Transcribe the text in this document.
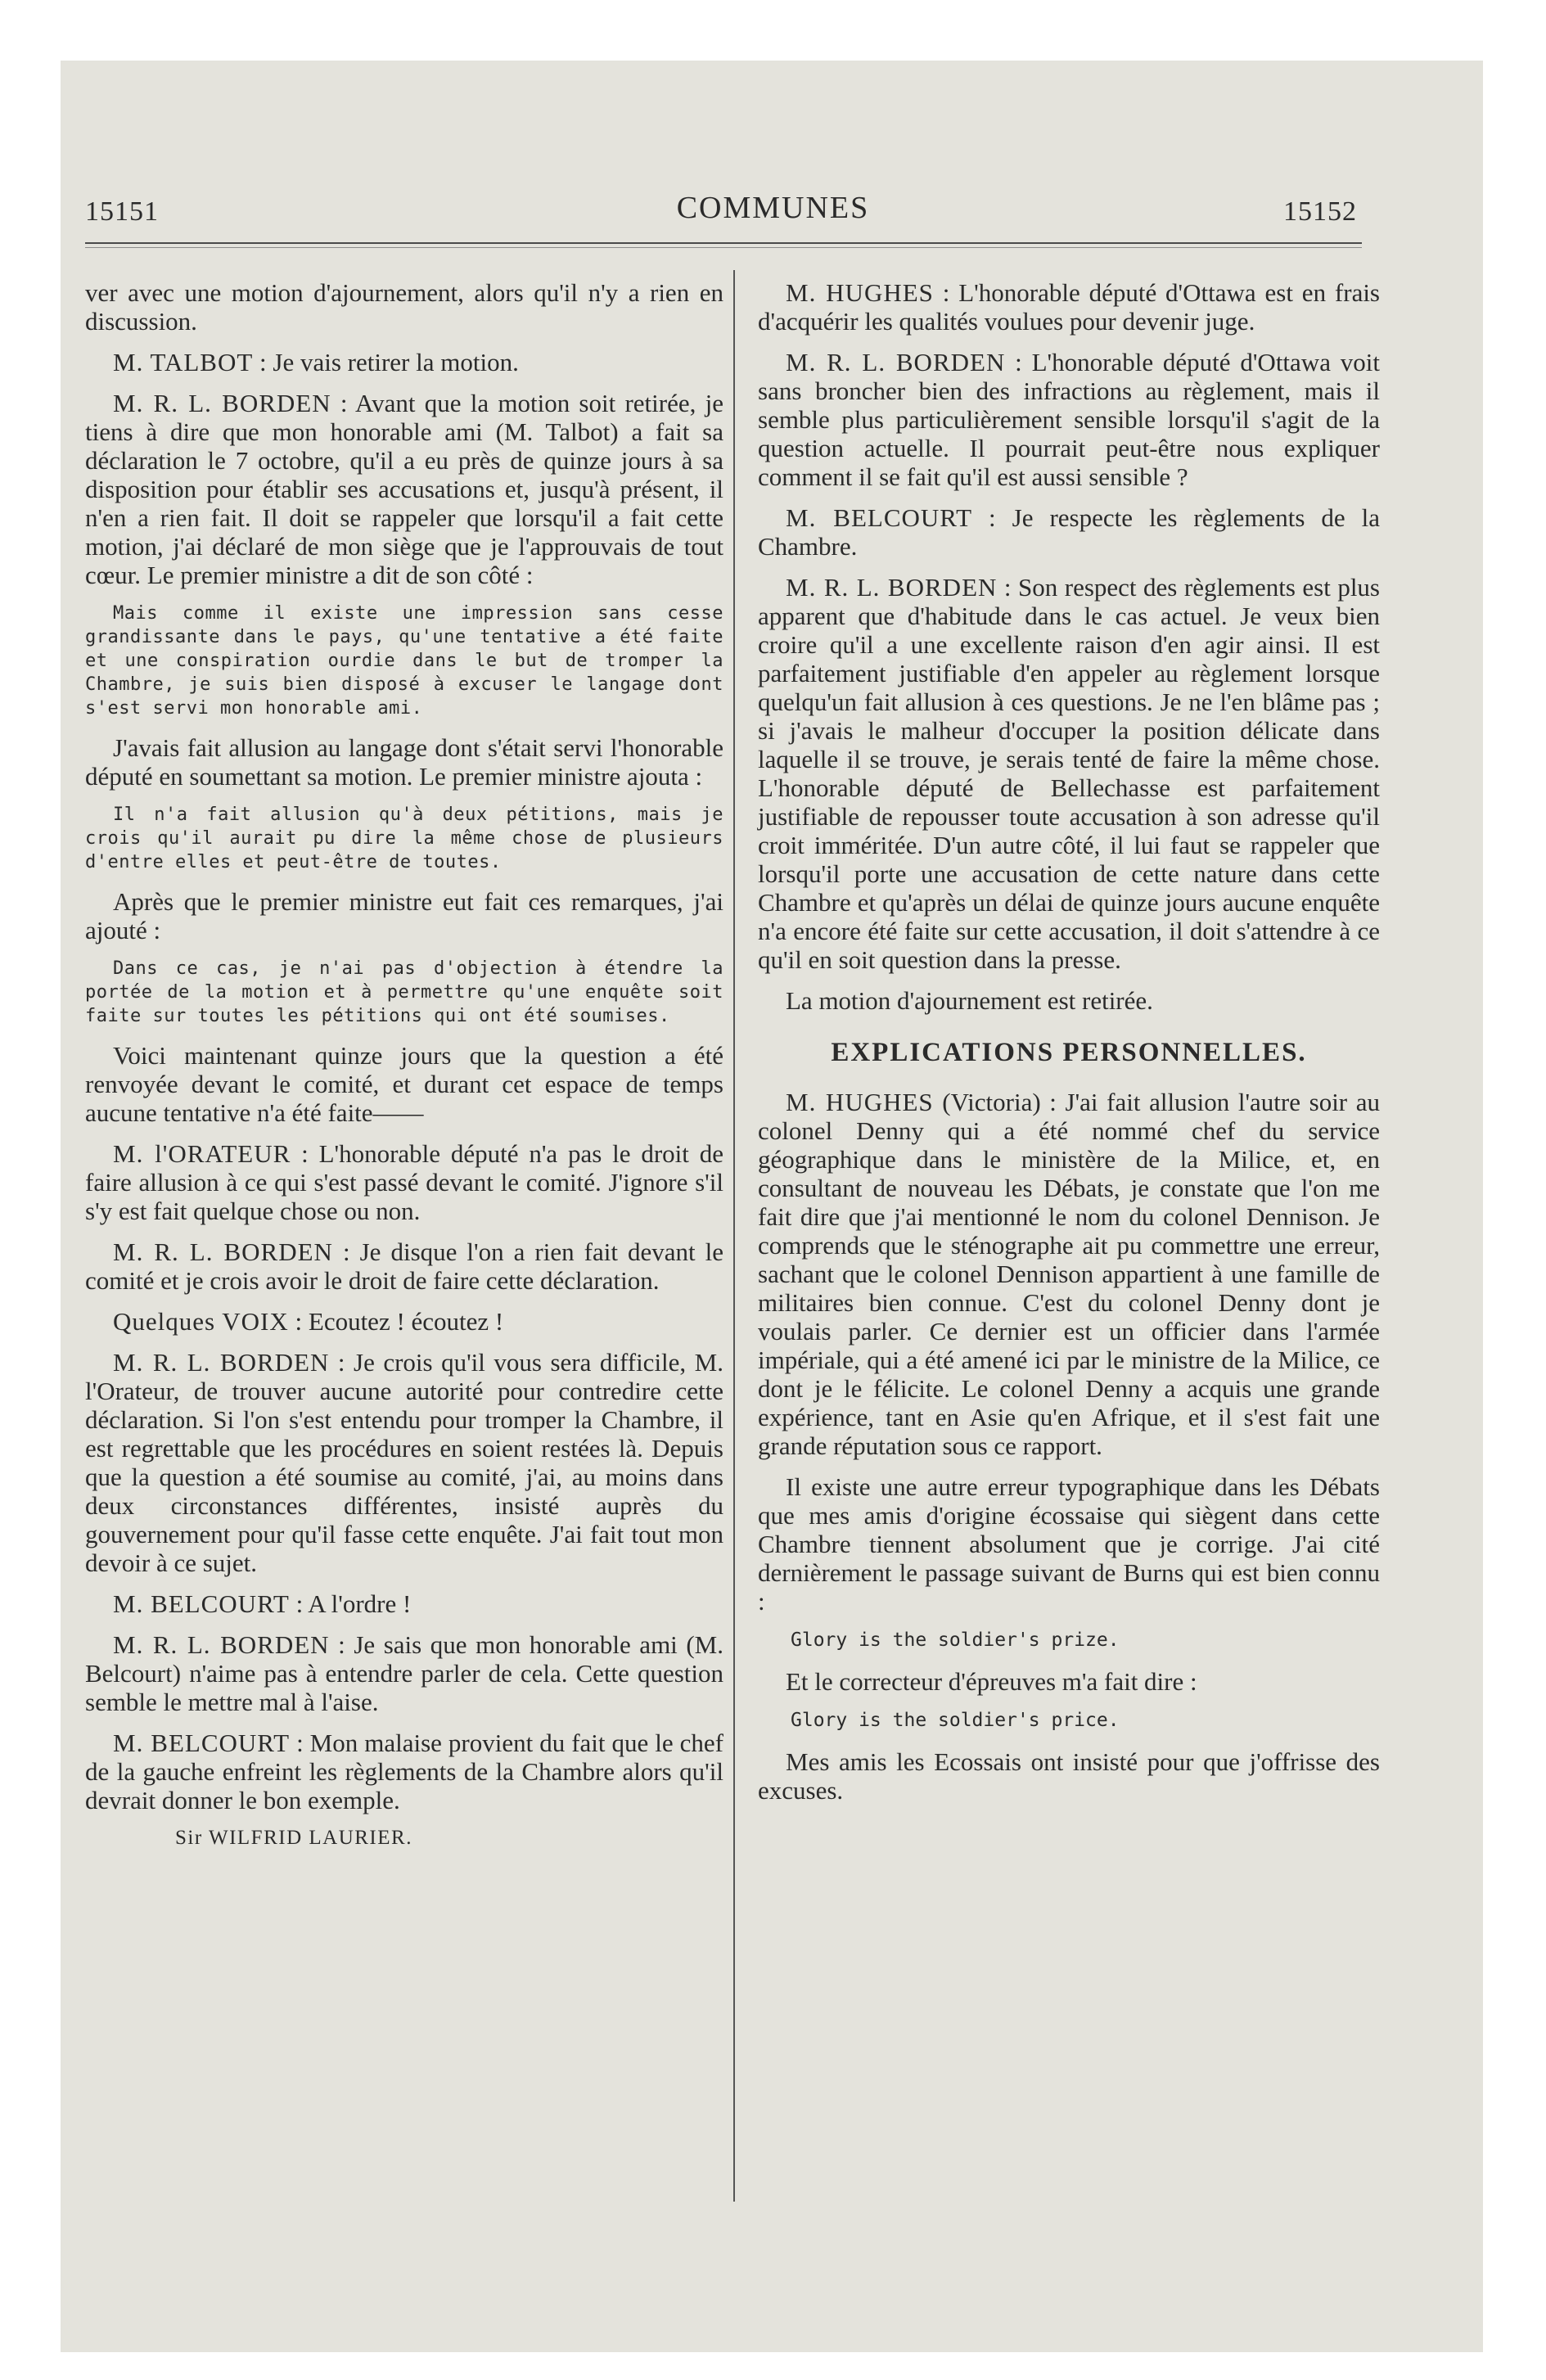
15151	COMMUNES	15152
ver avec une motion d'ajournement, alors qu'il n'y a rien en discussion.
M. TALBOT : Je vais retirer la motion.
M. R. L. BORDEN : Avant que la motion soit retirée, je tiens à dire que mon honorable ami (M. Talbot) a fait sa déclaration le 7 octobre, qu'il a eu près de quinze jours à sa disposition pour établir ses accusations et, jusqu'à présent, il n'en a rien fait. Il doit se rappeler que lorsqu'il a fait cette motion, j'ai déclaré de mon siège que je l'approuvais de tout cœur. Le premier ministre a dit de son côté :
Mais comme il existe une impression sans cesse grandissante dans le pays, qu'une tentative a été faite et une conspiration ourdie dans le but de tromper la Chambre, je suis bien disposé à excuser le langage dont s'est servi mon honorable ami.
J'avais fait allusion au langage dont s'était servi l'honorable député en soumettant sa motion. Le premier ministre ajouta :
Il n'a fait allusion qu'à deux pétitions, mais je crois qu'il aurait pu dire la même chose de plusieurs d'entre elles et peut-être de toutes.
Après que le premier ministre eut fait ces remarques, j'ai ajouté :
Dans ce cas, je n'ai pas d'objection à étendre la portée de la motion et à permettre qu'une enquête soit faite sur toutes les pétitions qui ont été soumises.
Voici maintenant quinze jours que la question a été renvoyée devant le comité, et durant cet espace de temps aucune tentative n'a été faite——
M. l'ORATEUR : L'honorable député n'a pas le droit de faire allusion à ce qui s'est passé devant le comité. J'ignore s'il s'y est fait quelque chose ou non.
M. R. L. BORDEN : Je disque l'on a rien fait devant le comité et je crois avoir le droit de faire cette déclaration.
Quelques VOIX : Ecoutez ! écoutez !
M. R. L. BORDEN : Je crois qu'il vous sera difficile, M. l'Orateur, de trouver aucune autorité pour contredire cette déclaration. Si l'on s'est entendu pour tromper la Chambre, il est regrettable que les procédures en soient restées là. Depuis que la question a été soumise au comité, j'ai, au moins dans deux circonstances différentes, insisté auprès du gouvernement pour qu'il fasse cette enquête. J'ai fait tout mon devoir à ce sujet.
M. BELCOURT : A l'ordre !
M. R. L. BORDEN : Je sais que mon honorable ami (M. Belcourt) n'aime pas à entendre parler de cela. Cette question semble le mettre mal à l'aise.
M. BELCOURT : Mon malaise provient du fait que le chef de la gauche enfreint les règlements de la Chambre alors qu'il devrait donner le bon exemple.
Sir WILFRID LAURIER.
M. HUGHES : L'honorable député d'Ottawa est en frais d'acquérir les qualités voulues pour devenir juge.
M. R. L. BORDEN : L'honorable député d'Ottawa voit sans broncher bien des infractions au règlement, mais il semble plus particulièrement sensible lorsqu'il s'agit de la question actuelle. Il pourrait peut-être nous expliquer comment il se fait qu'il est aussi sensible ?
M. BELCOURT : Je respecte les règlements de la Chambre.
M. R. L. BORDEN : Son respect des règlements est plus apparent que d'habitude dans le cas actuel. Je veux bien croire qu'il a une excellente raison d'en agir ainsi. Il est parfaitement justifiable d'en appeler au règlement lorsque quelqu'un fait allusion à ces questions. Je ne l'en blâme pas ; si j'avais le malheur d'occuper la position délicate dans laquelle il se trouve, je serais tenté de faire la même chose. L'honorable député de Bellechasse est parfaitement justifiable de repousser toute accusation à son adresse qu'il croit imméritée. D'un autre côté, il lui faut se rappeler que lorsqu'il porte une accusation de cette nature dans cette Chambre et qu'après un délai de quinze jours aucune enquête n'a encore été faite sur cette accusation, il doit s'attendre à ce qu'il en soit question dans la presse.
La motion d'ajournement est retirée.
EXPLICATIONS PERSONNELLES.
M. HUGHES (Victoria) : J'ai fait allusion l'autre soir au colonel Denny qui a été nommé chef du service géographique dans le ministère de la Milice, et, en consultant de nouveau les Débats, je constate que l'on me fait dire que j'ai mentionné le nom du colonel Dennison. Je comprends que le sténographe ait pu commettre une erreur, sachant que le colonel Dennison appartient à une famille de militaires bien connue. C'est du colonel Denny dont je voulais parler. Ce dernier est un officier dans l'armée impériale, qui a été amené ici par le ministre de la Milice, ce dont je le félicite. Le colonel Denny a acquis une grande expérience, tant en Asie qu'en Afrique, et il s'est fait une grande réputation sous ce rapport.
Il existe une autre erreur typographique dans les Débats que mes amis d'origine écossaise qui siègent dans cette Chambre tiennent absolument que je corrige. J'ai cité dernièrement le passage suivant de Burns qui est bien connu :
Glory is the soldier's prize.
Et le correcteur d'épreuves m'a fait dire :
Glory is the soldier's price.
Mes amis les Ecossais ont insisté pour que j'offrisse des excuses.
